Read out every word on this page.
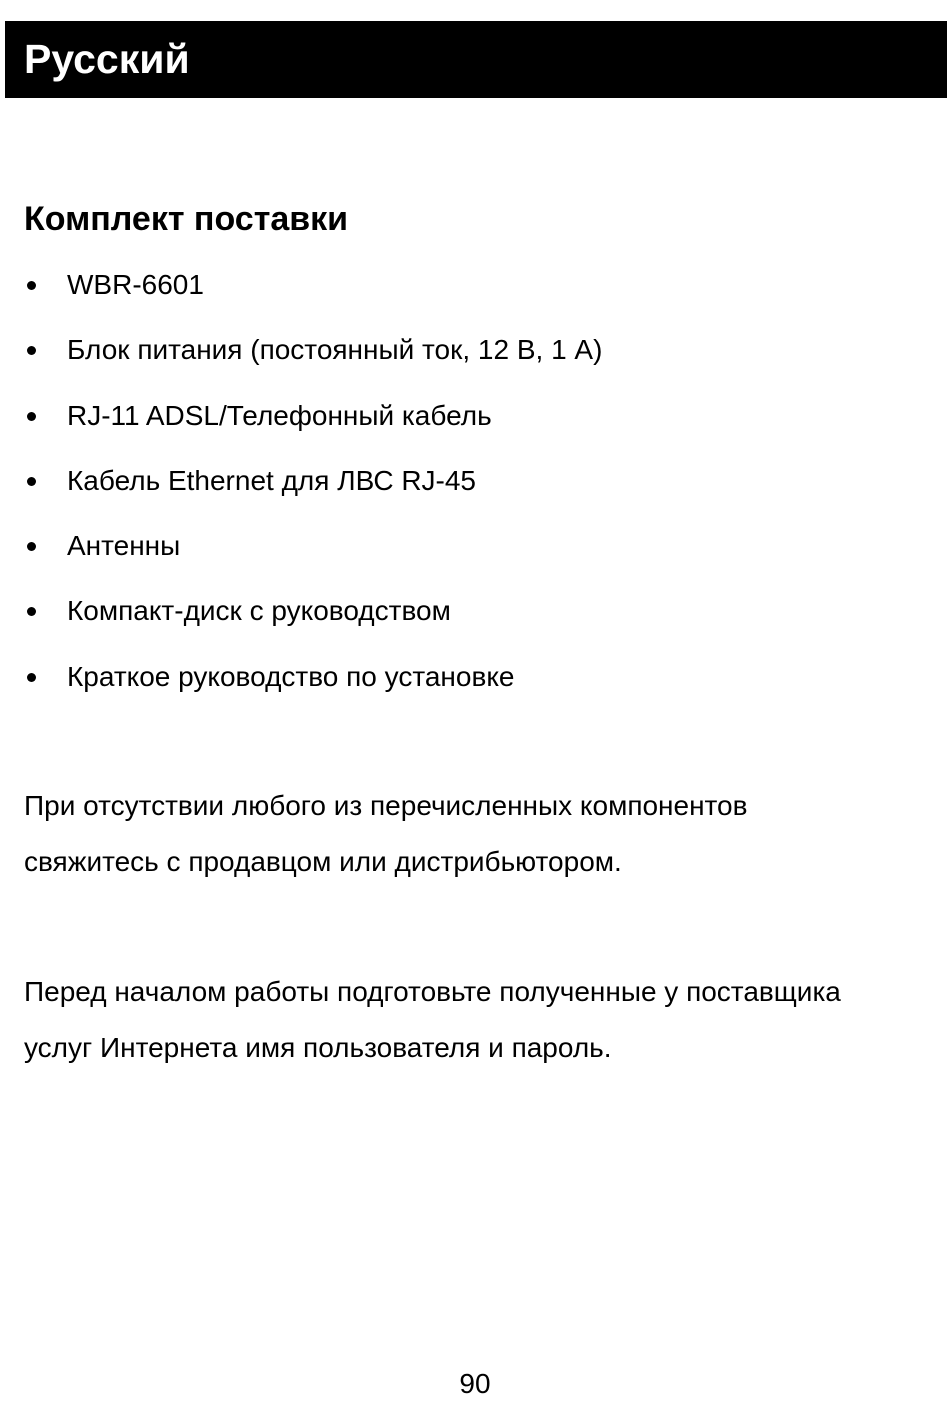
Русский
Комплект поставки
WBR-6601
Блок питания (постоянный ток, 12 В, 1 А)
RJ-11 ADSL/Телефонный кабель
Кабель Ethernet для ЛВС RJ-45
Антенны
Компакт-диск с руководством
Краткое руководство по установке

При отсутствии любого из перечисленных компонентов
свяжитесь с продавцом или дистрибьютором.

Перед началом работы подготовьте полученные у поставщика
услуг Интернета имя пользователя и пароль.

90
